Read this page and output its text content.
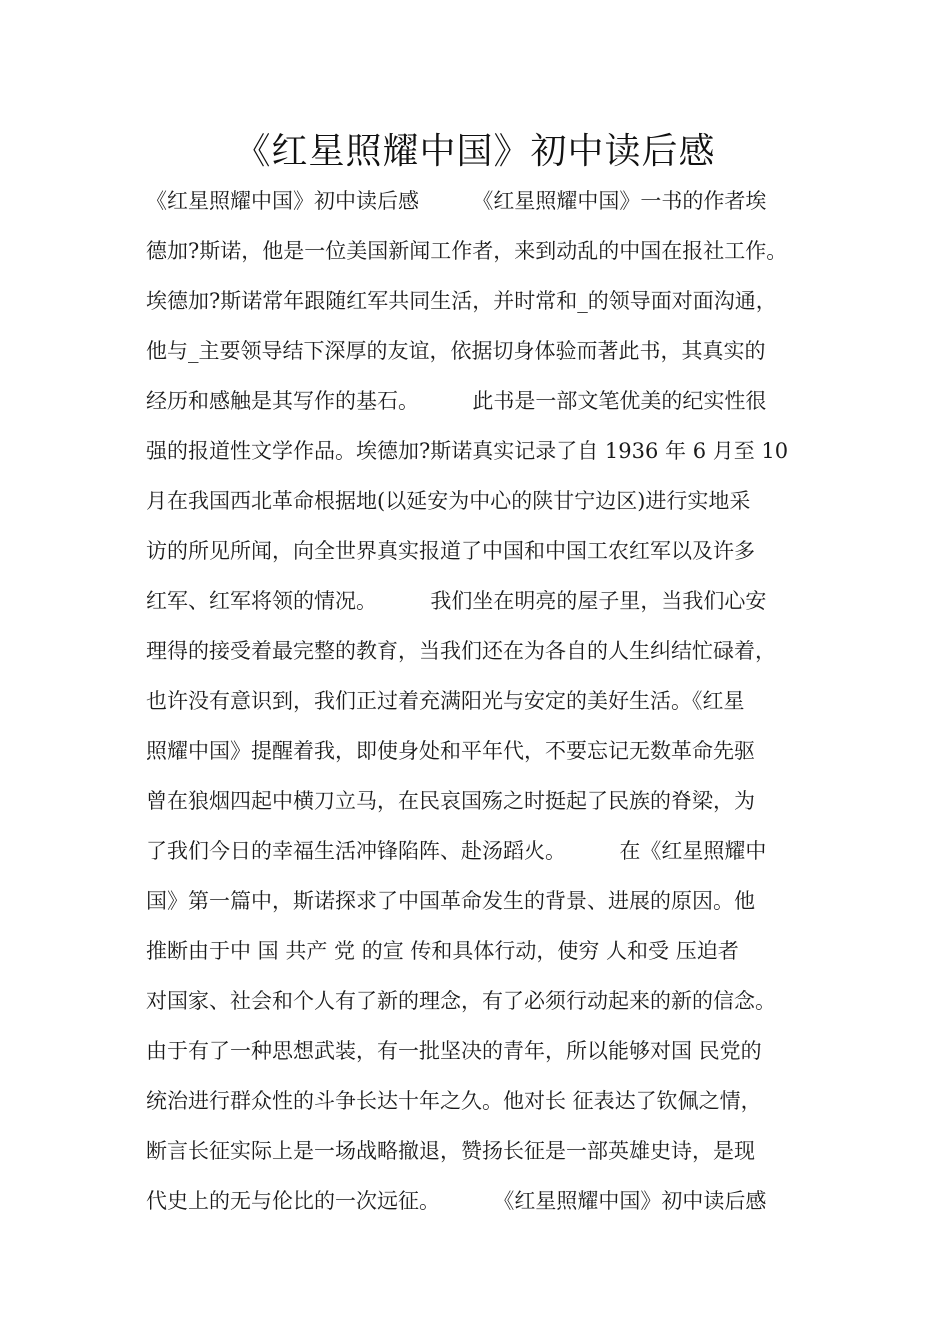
《红星照耀中国》初中读后感
《红星照耀中国》初中读后感        《红星照耀中国》一书的作者埃
德加?斯诺，他是一位美国新闻工作者，来到动乱的中国在报社工作。
埃德加?斯诺常年跟随红军共同生活，并时常和_的领导面对面沟通，
他与_主要领导结下深厚的友谊，依据切身体验而著此书，其真实的
经历和感触是其写作的基石。        此书是一部文笔优美的纪实性很
强的报道性文学作品。埃德加?斯诺真实记录了自 1936 年 6 月至 10
月在我国西北革命根据地(以延安为中心的陕甘宁边区)进行实地采
访的所见所闻，向全世界真实报道了中国和中国工农红军以及许多
红军、红军将领的情况。        我们坐在明亮的屋子里，当我们心安
理得的接受着最完整的教育，当我们还在为各自的人生纠结忙碌着，
也许没有意识到，我们正过着充满阳光与安定的美好生活。《红星
照耀中国》提醒着我，即使身处和平年代，不要忘记无数革命先驱
曾在狼烟四起中横刀立马，在民哀国殇之时挺起了民族的脊梁，为
了我们今日的幸福生活冲锋陷阵、赴汤蹈火。        在《红星照耀中
国》第一篇中，斯诺探求了中国革命发生的背景、进展的原因。他
推断由于中 国 共产 党 的宣 传和具体行动，使穷 人和受 压迫者
对国家、社会和个人有了新的理念，有了必须行动起来的新的信念。
由于有了一种思想武装，有一批坚决的青年，所以能够对国 民党的
统治进行群众性的斗争长达十年之久。他对长 征表达了钦佩之情，
断言长征实际上是一场战略撤退，赞扬长征是一部英雄史诗，是现
代史上的无与伦比的一次远征。        《红星照耀中国》初中读后感
